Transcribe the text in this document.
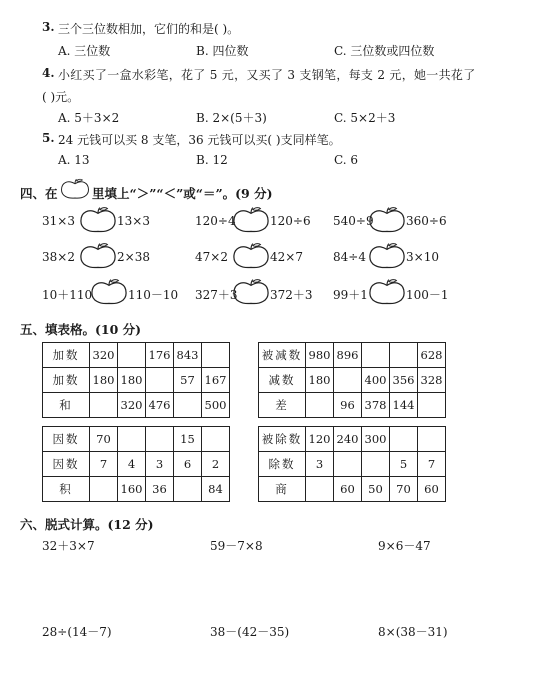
3. 三个三位数相加，它们的和是( )。
A. 三位数	B. 四位数	C. 三位数或四位数
4. 小红买了一盒水彩笔，花了 5 元，又买了 3 支钢笔，每支 2 元，她一共花了
( )元。
A. 5＋3×2	B. 2×(5＋3)	C. 5×2＋3
5. 24 元钱可以买 8 支笔，36 元钱可以买( )支同样笔。
A. 13	B. 12	C. 6
四、在	里填上“＞”“＜”或“＝”。(9 分)
31×3	13×3	120÷4	120÷6 540÷9	360÷6
38×2	2×38	47×2	42×7	84÷4	3×10
10＋110	110－10 327＋3	372＋3 99＋1	100－1
五、填表格。(10 分)
加数	320		176	843	
加数	180	180		57	167
和		320	476		500
被减数	980	896			628
减数	180		400	356	328
差		96	378	144	
因数	70			15	
因数	7	4	3	6	2
积		160	36		84
被除数	120	240	300		
除数	3			5	7
商		60	50	70	60
六、脱式计算。(12 分)
32＋3×7	59－7×8	9×6－47
28÷(14－7)	38－(42－35)	8×(38－31)
